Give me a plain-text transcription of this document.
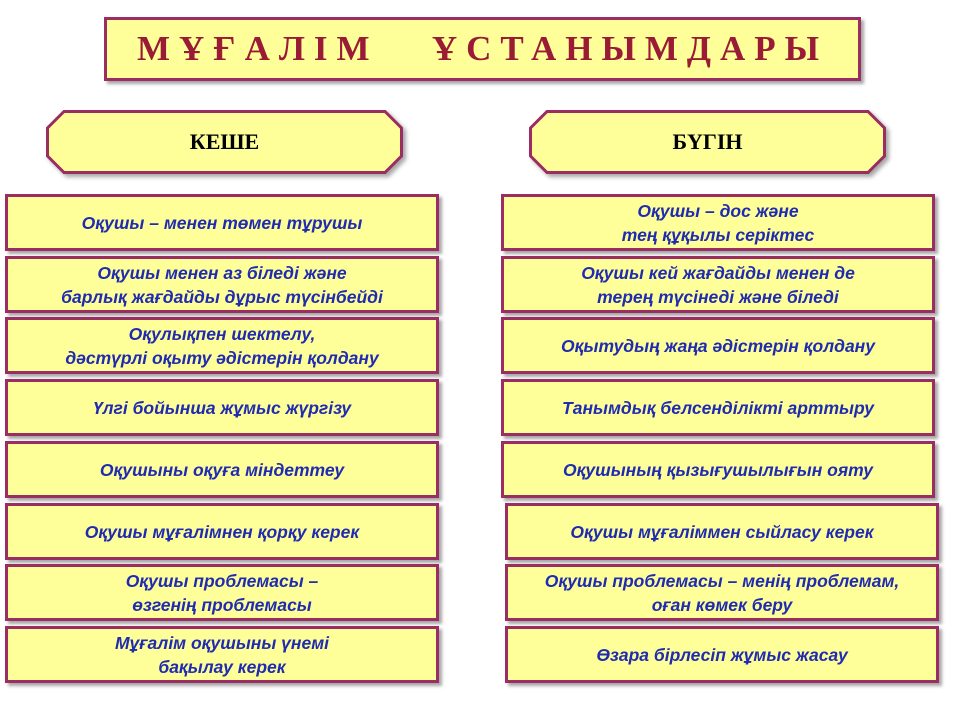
МҰҒАЛІМ   ҰСТАНЫМДАРЫ
КЕШЕ	БҮГІН
Оқушы – менен төмен тұрушы
Оқушы менен аз біледі және
барлық жағдайды дұрыс түсінбейді
Оқулықпен шектелу,
дәстүрлі оқыту әдістерін қолдану
Үлгі бойынша жұмыс жүргізу
Оқушыны оқуға міндеттеу
Оқушы мұғалімнен қорқу керек
Оқушы проблемасы –
өзгенің проблемасы
Мұғалім оқушыны үнемі
бақылау керек
Оқушы – дос және
тең құқылы серіктес
Оқушы кей жағдайды менен де
терең түсінеді және біледі
Оқытудың жаңа әдістерін қолдану
Танымдық белсенділікті арттыру
Оқушының қызығушылығын ояту
Оқушы мұғаліммен сыйласу керек
Оқушы проблемасы – менің проблемам,
оған көмек беру
Өзара бірлесіп жұмыс жасау
